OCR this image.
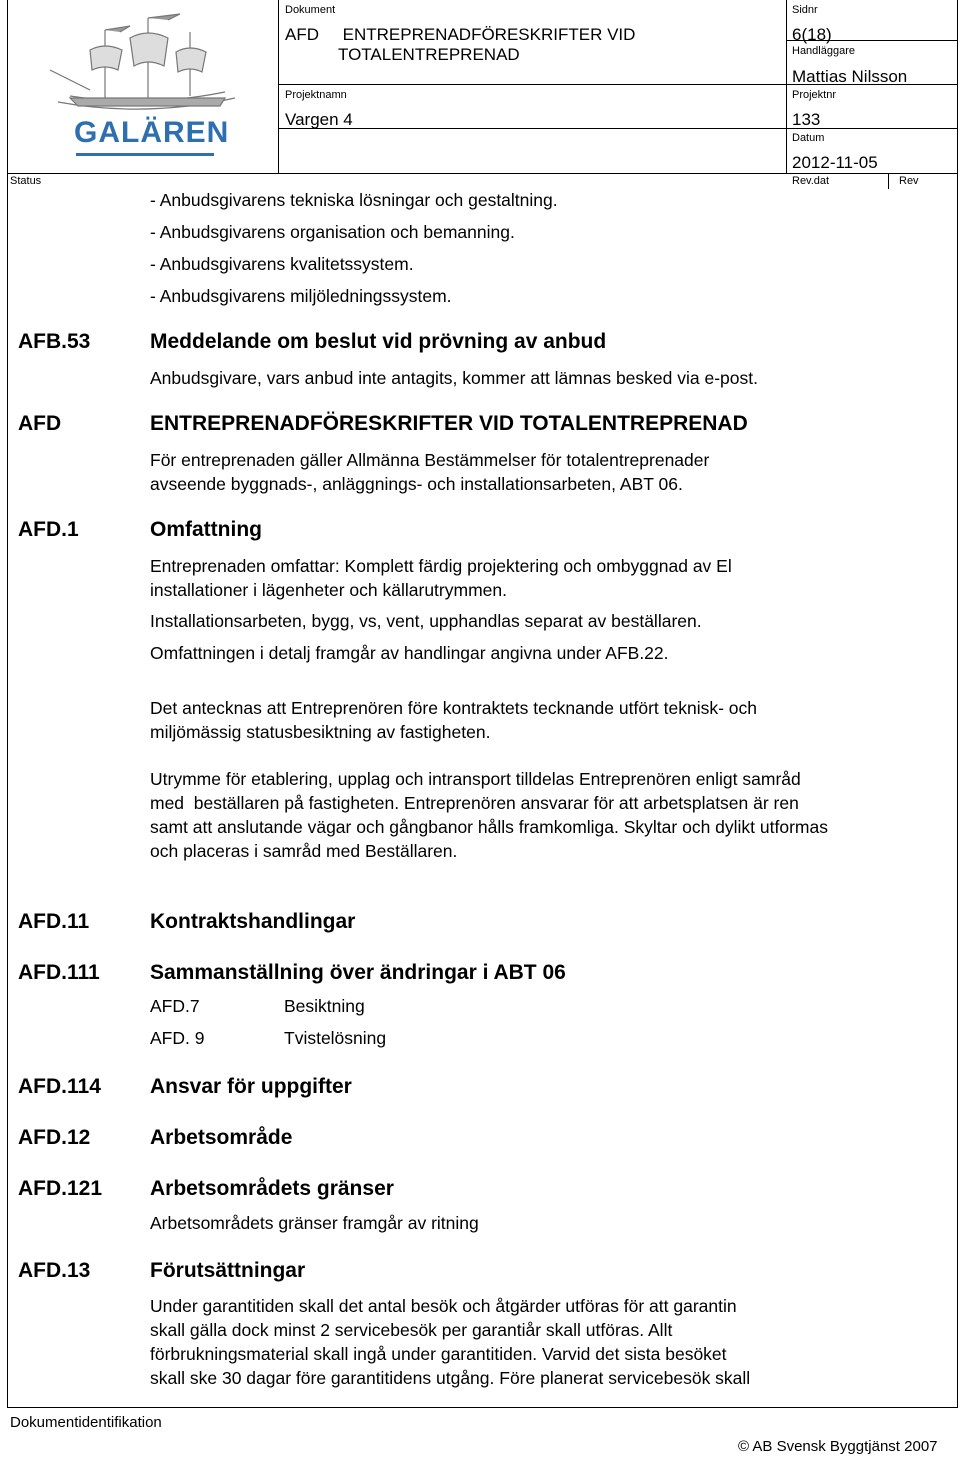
GALÄREN
Dokument
AFD     ENTREPRENADFÖRESKRIFTER VID
TOTALENTREPRENAD
Sidnr
6(18)
Handläggare
Mattias Nilsson
Projektnamn
Vargen 4
Projektnr
133
Datum
2012-11-05
Status	Rev.dat	Rev
- Anbudsgivarens tekniska lösningar och gestaltning.
- Anbudsgivarens organisation och bemanning.
- Anbudsgivarens kvalitetssystem.
- Anbudsgivarens miljöledningssystem.
AFB.53	Meddelande om beslut vid prövning av anbud
Anbudsgivare, vars anbud inte antagits, kommer att lämnas besked via e-post.
AFD	ENTREPRENADFÖRESKRIFTER VID TOTALENTREPRENAD
För entreprenaden gäller Allmänna Bestämmelser för totalentreprenader
avseende byggnads-, anläggnings- och installationsarbeten, ABT 06.
AFD.1	Omfattning
Entreprenaden omfattar: Komplett färdig projektering och ombyggnad av El
installationer i lägenheter och källarutrymmen.
Installationsarbeten, bygg, vs, vent, upphandlas separat av beställaren.
Omfattningen i detalj framgår av handlingar angivna under AFB.22.
Det antecknas att Entreprenören före kontraktets tecknande utfört teknisk- och
miljömässig statusbesiktning av fastigheten.
Utrymme för etablering, upplag och intransport tilldelas Entreprenören enligt samråd
med  beställaren på fastigheten. Entreprenören ansvarar för att arbetsplatsen är ren
samt att anslutande vägar och gångbanor hålls framkomliga. Skyltar och dylikt utformas
och placeras i samråd med Beställaren.
AFD.11	Kontraktshandlingar
AFD.111 Sammanställning över ändringar i ABT 06
AFD.7	Besiktning
AFD. 9	Tvistelösning
AFD.114 Ansvar för uppgifter
AFD.12	Arbetsområde
AFD.121 Arbetsområdets gränser
Arbetsområdets gränser framgår av ritning
AFD.13	Förutsättningar
Under garantitiden skall det antal besök och åtgärder utföras för att garantin
skall gälla dock minst 2 servicebesök per garantiår skall utföras. Allt
förbrukningsmaterial skall ingå under garantitiden. Varvid det sista besöket
skall ske 30 dagar före garantitidens utgång. Före planerat servicebesök skall
Dokumentidentifikation
© AB Svensk Byggtjänst 2007
